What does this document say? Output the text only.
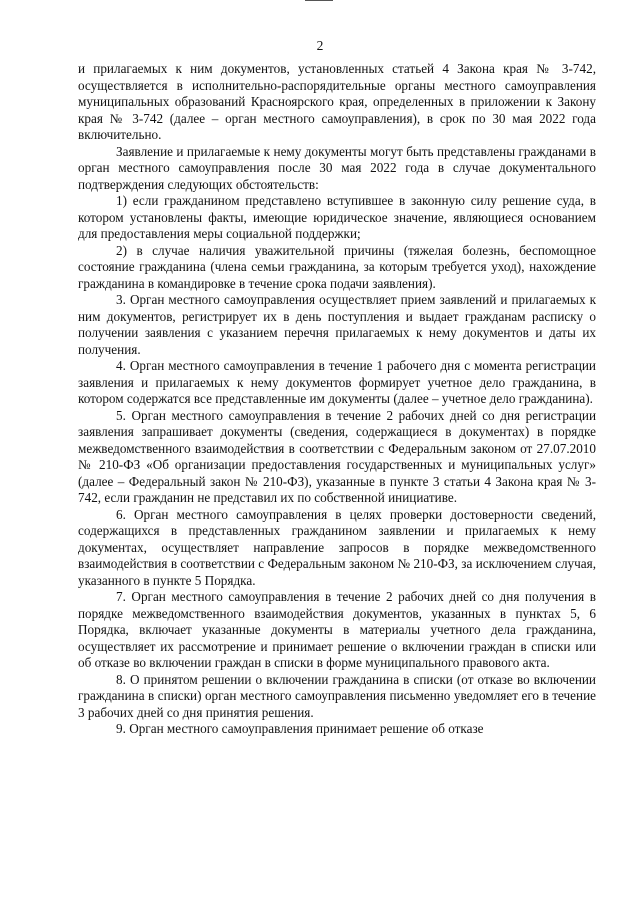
2

и прилагаемых к ним документов, установленных статьей 4 Закона края № 3-742, осуществляется в исполнительно-распорядительные органы местного самоуправления муниципальных образований Красноярского края, определенных в приложении к Закону края № 3-742 (далее – орган местного самоуправления), в срок по 30 мая 2022 года включительно.

Заявление и прилагаемые к нему документы могут быть представлены гражданами в орган местного самоуправления после 30 мая 2022 года в случае документального подтверждения следующих обстоятельств:

1) если гражданином представлено вступившее в законную силу решение суда, в котором установлены факты, имеющие юридическое значение, являющиеся основанием для предоставления меры социальной поддержки;

2) в случае наличия уважительной причины (тяжелая болезнь, беспомощное состояние гражданина (члена семьи гражданина, за которым требуется уход), нахождение гражданина в командировке в течение срока подачи заявления).

3. Орган местного самоуправления осуществляет прием заявлений и прилагаемых к ним документов, регистрирует их в день поступления и выдает гражданам расписку о получении заявления с указанием перечня прилагаемых к нему документов и даты их получения.

4. Орган местного самоуправления в течение 1 рабочего дня с момента регистрации заявления и прилагаемых к нему документов формирует учетное дело гражданина, в котором содержатся все представленные им документы (далее – учетное дело гражданина).

5. Орган местного самоуправления в течение 2 рабочих дней со дня регистрации заявления запрашивает документы (сведения, содержащиеся в документах) в порядке межведомственного взаимодействия в соответствии с Федеральным законом от 27.07.2010 № 210-ФЗ «Об организации предоставления государственных и муниципальных услуг» (далее – Федеральный закон № 210-ФЗ), указанные в пункте 3 статьи 4 Закона края № 3-742, если гражданин не представил их по собственной инициативе.

6. Орган местного самоуправления в целях проверки достоверности сведений, содержащихся в представленных гражданином заявлении и прилагаемых к нему документах, осуществляет направление запросов в порядке межведомственного взаимодействия в соответствии с Федеральным законом № 210-ФЗ, за исключением случая, указанного в пункте 5 Порядка.

7. Орган местного самоуправления в течение 2 рабочих дней со дня получения в порядке межведомственного взаимодействия документов, указанных в пунктах 5, 6 Порядка, включает указанные документы в материалы учетного дела гражданина, осуществляет их рассмотрение и принимает решение о включении граждан в списки или об отказе во включении граждан в списки в форме муниципального правового акта.

8. О принятом решении о включении гражданина в списки (от отказе во включении гражданина в списки) орган местного самоуправления письменно уведомляет его в течение 3 рабочих дней со дня принятия решения.

9. Орган местного самоуправления принимает решение об отказе
